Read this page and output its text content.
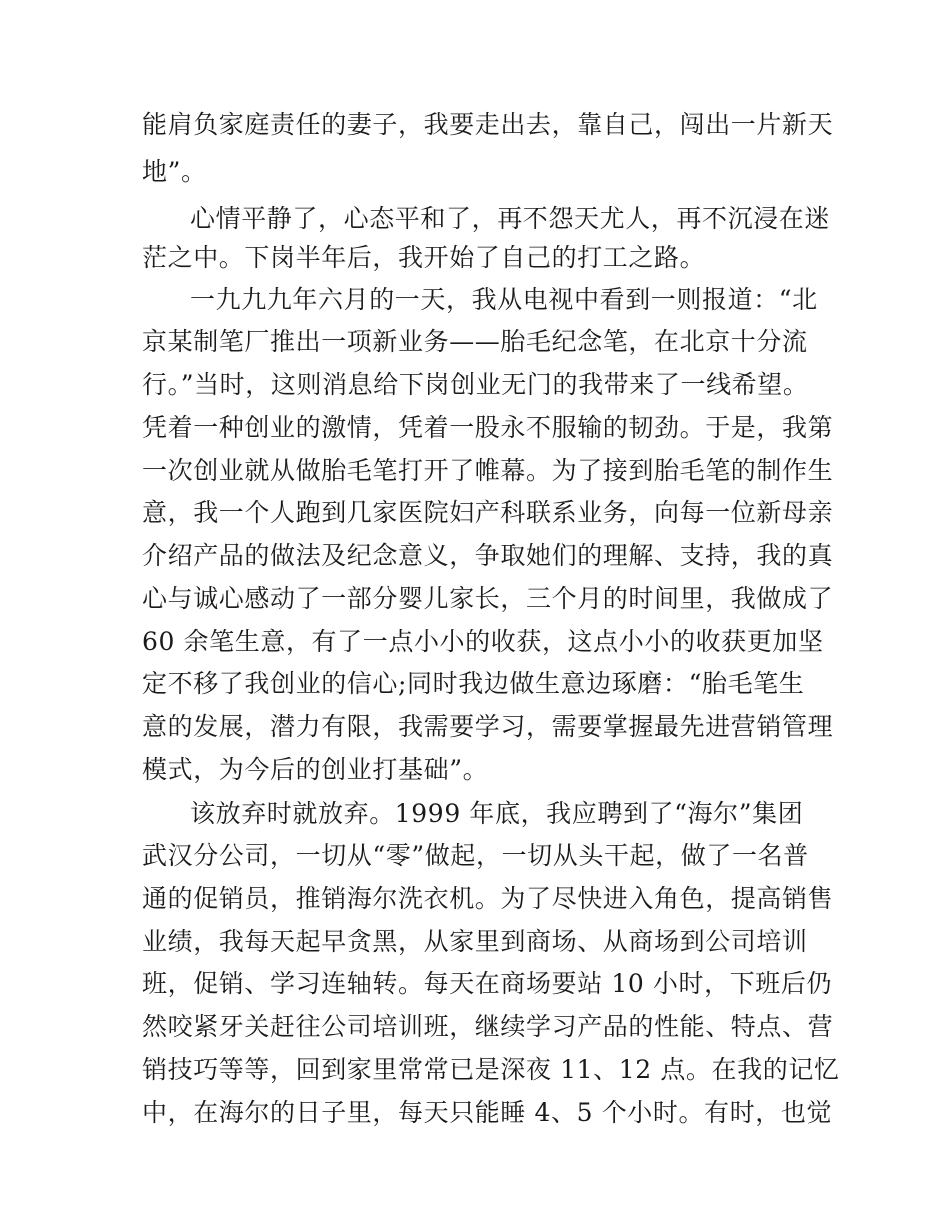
能肩负家庭责任的妻子，我要走出去，靠自己，闯出一片新天
地”。
心情平静了，心态平和了，再不怨天尤人，再不沉浸在迷
茫之中。下岗半年后，我开始了自己的打工之路。
一九九九年六月的一天，我从电视中看到一则报道：“北
京某制笔厂推出一项新业务——胎毛纪念笔，在北京十分流
行。”当时，这则消息给下岗创业无门的我带来了一线希望。
凭着一种创业的激情，凭着一股永不服输的韧劲。于是，我第
一次创业就从做胎毛笔打开了帷幕。为了接到胎毛笔的制作生
意，我一个人跑到几家医院妇产科联系业务，向每一位新母亲
介绍产品的做法及纪念意义，争取她们的理解、支持，我的真
心与诚心感动了一部分婴儿家长，三个月的时间里，我做成了
60 余笔生意，有了一点小小的收获，这点小小的收获更加坚
定不移了我创业的信心;同时我边做生意边琢磨：“胎毛笔生
意的发展，潜力有限，我需要学习，需要掌握最先进营销管理
模式，为今后的创业打基础”。
该放弃时就放弃。1999 年底，我应聘到了“海尔”集团
武汉分公司，一切从“零”做起，一切从头干起，做了一名普
通的促销员，推销海尔洗衣机。为了尽快进入角色，提高销售
业绩，我每天起早贪黑，从家里到商场、从商场到公司培训
班，促销、学习连轴转。每天在商场要站 10 小时，下班后仍
然咬紧牙关赶往公司培训班，继续学习产品的性能、特点、营
销技巧等等，回到家里常常已是深夜 11、12 点。在我的记忆
中，在海尔的日子里，每天只能睡 4、5 个小时。有时，也觉
